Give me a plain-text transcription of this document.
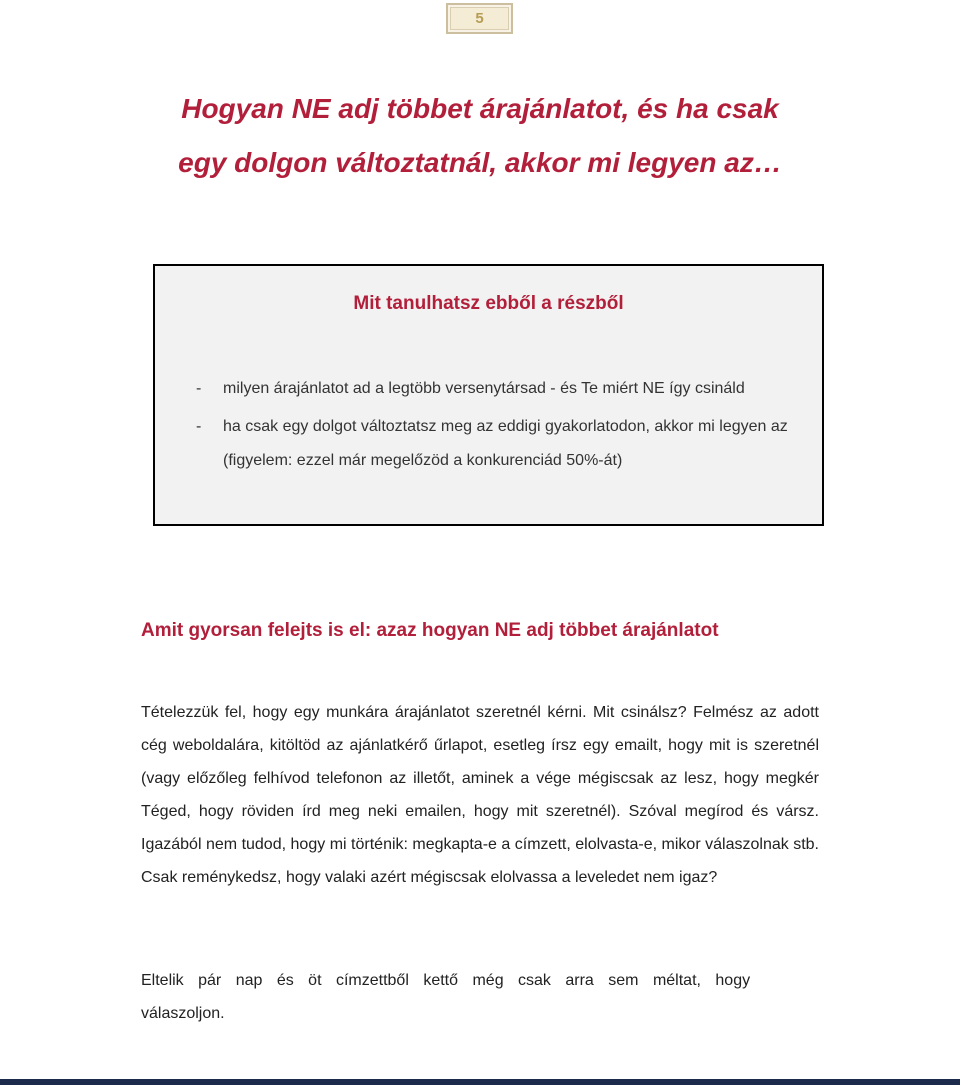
5
Hogyan NE adj többet árajánlatot, és ha csak
egy dolgon változtatnál, akkor mi legyen az…
Mit tanulhatsz ebből a részből
- milyen árajánlatot ad a legtöbb versenytársad - és Te miért NE így csináld
- ha csak egy dolgot változtatsz meg az eddigi gyakorlatodon, akkor mi legyen az (figyelem: ezzel már megelőzöd a konkurenciád 50%-át)
Amit gyorsan felejts is el: azaz hogyan NE adj többet árajánlatot

Tételezzük fel, hogy egy munkára árajánlatot szeretnél kérni. Mit csinálsz? Felmész az adott cég weboldalára, kitöltöd az ajánlatkérő űrlapot, esetleg írsz egy emailt, hogy mit is szeretnél (vagy előzőleg felhívod telefonon az illetőt, aminek a vége mégiscsak az lesz, hogy megkér Téged, hogy röviden írd meg neki emailen, hogy mit szeretnél). Szóval megírod és vársz. Igazából nem tudod, hogy mi történik: megkapta-e a címzett, elolvasta-e, mikor válaszolnak stb. Csak reménykedsz, hogy valaki azért mégiscsak elolvassa a leveledet nem igaz?

Eltelik pár nap és öt címzettből kettő még csak arra sem méltat, hogy válaszoljon.
